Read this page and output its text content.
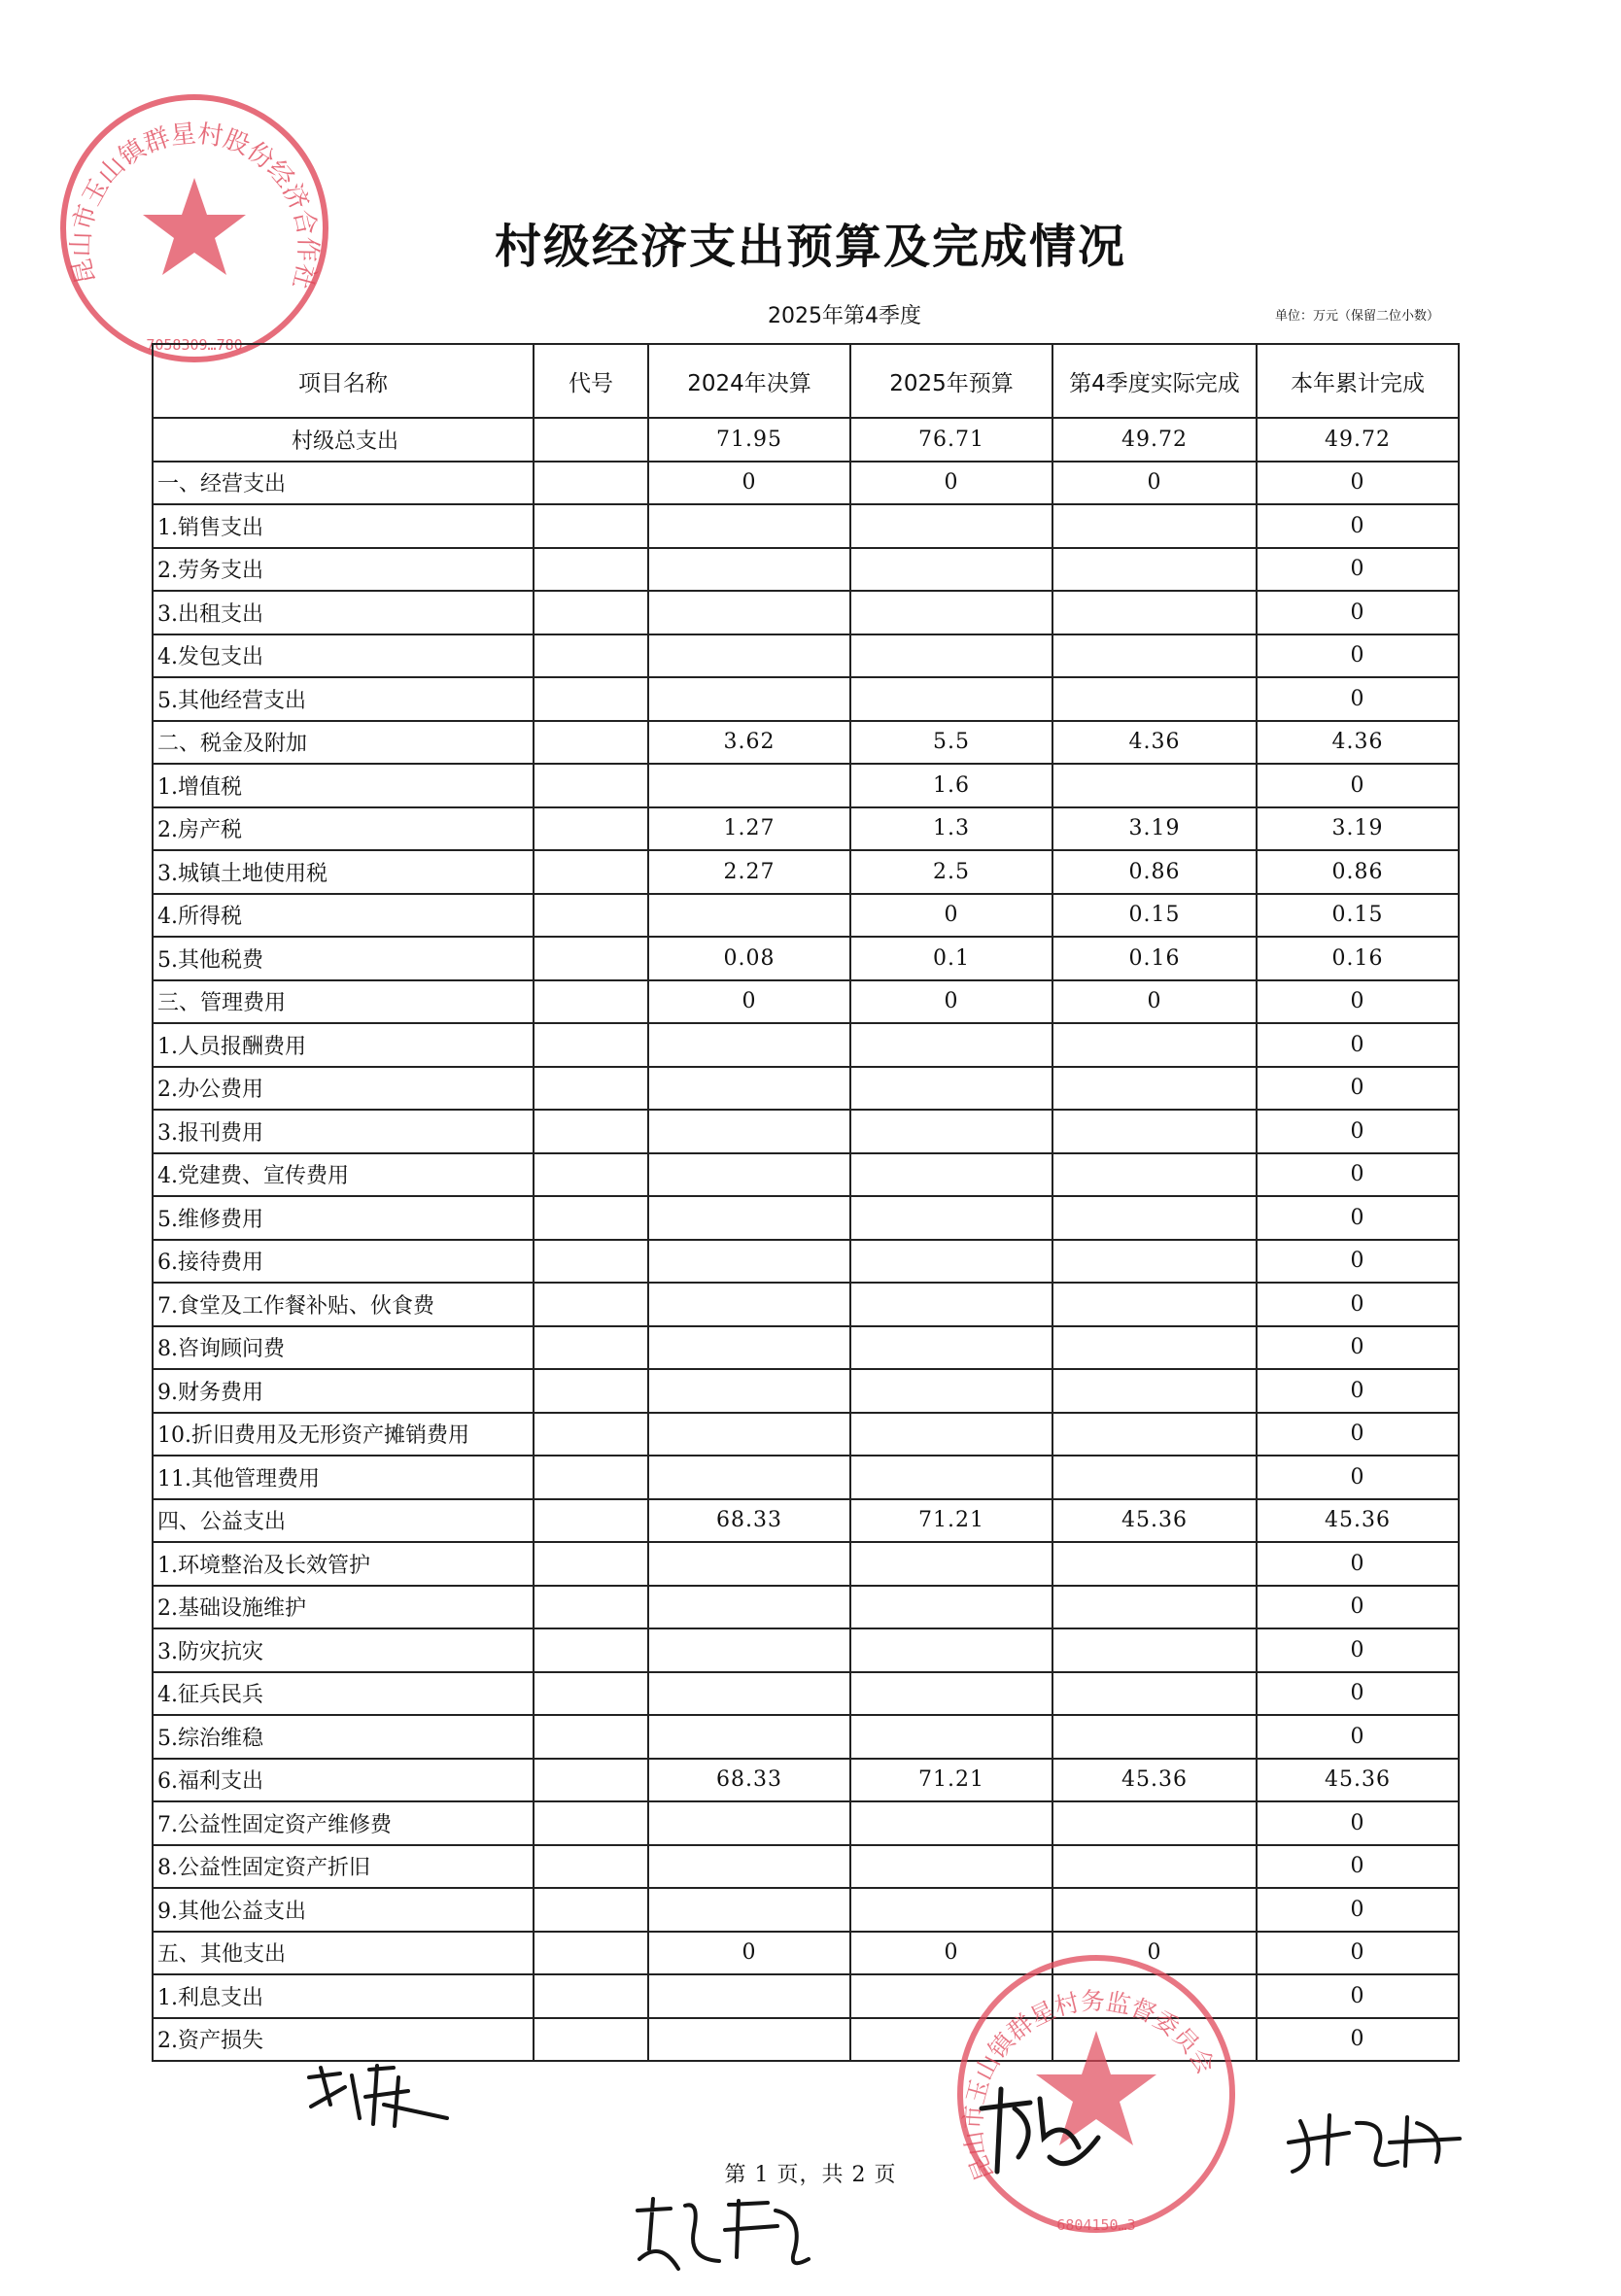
昆山市玉山镇群星村股份经济合作社
7058309…780
村级经济支出预算及完成情况
2025年第4季度	单位：万元（保留二位小数）
项目名称	代号	2024年决算	2025年预算	第4季度实际完成	本年累计完成
村级总支出		71.95	76.71	49.72	49.72
一、经营支出		0	0	0	0
1.销售支出					0
2.劳务支出					0
3.出租支出					0
4.发包支出					0
5.其他经营支出					0
二、税金及附加		3.62	5.5	4.36	4.36
1.增值税			1.6		0
2.房产税		1.27	1.3	3.19	3.19
3.城镇土地使用税		2.27	2.5	0.86	0.86
4.所得税			0	0.15	0.15
5.其他税费		0.08	0.1	0.16	0.16
三、管理费用		0	0	0	0
1.人员报酬费用					0
2.办公费用					0
3.报刊费用					0
4.党建费、宣传费用					0
5.维修费用					0
6.接待费用					0
7.食堂及工作餐补贴、伙食费					0
8.咨询顾问费					0
9.财务费用					0
10.折旧费用及无形资产摊销费用					0
11.其他管理费用					0
四、公益支出		68.33	71.21	45.36	45.36
1.环境整治及长效管护					0
2.基础设施维护					0
3.防灾抗灾					0
4.征兵民兵					0
5.综治维稳					0
6.福利支出		68.33	71.21	45.36	45.36
7.公益性固定资产维修费					0
8.公益性固定资产折旧					0
9.其他公益支出					0
五、其他支出		0	0	0	0
1.利息支出					0
2.资产损失					0
昆山市玉山镇群星村务监督委员会
6804150…3
第 1 页，共 2 页
